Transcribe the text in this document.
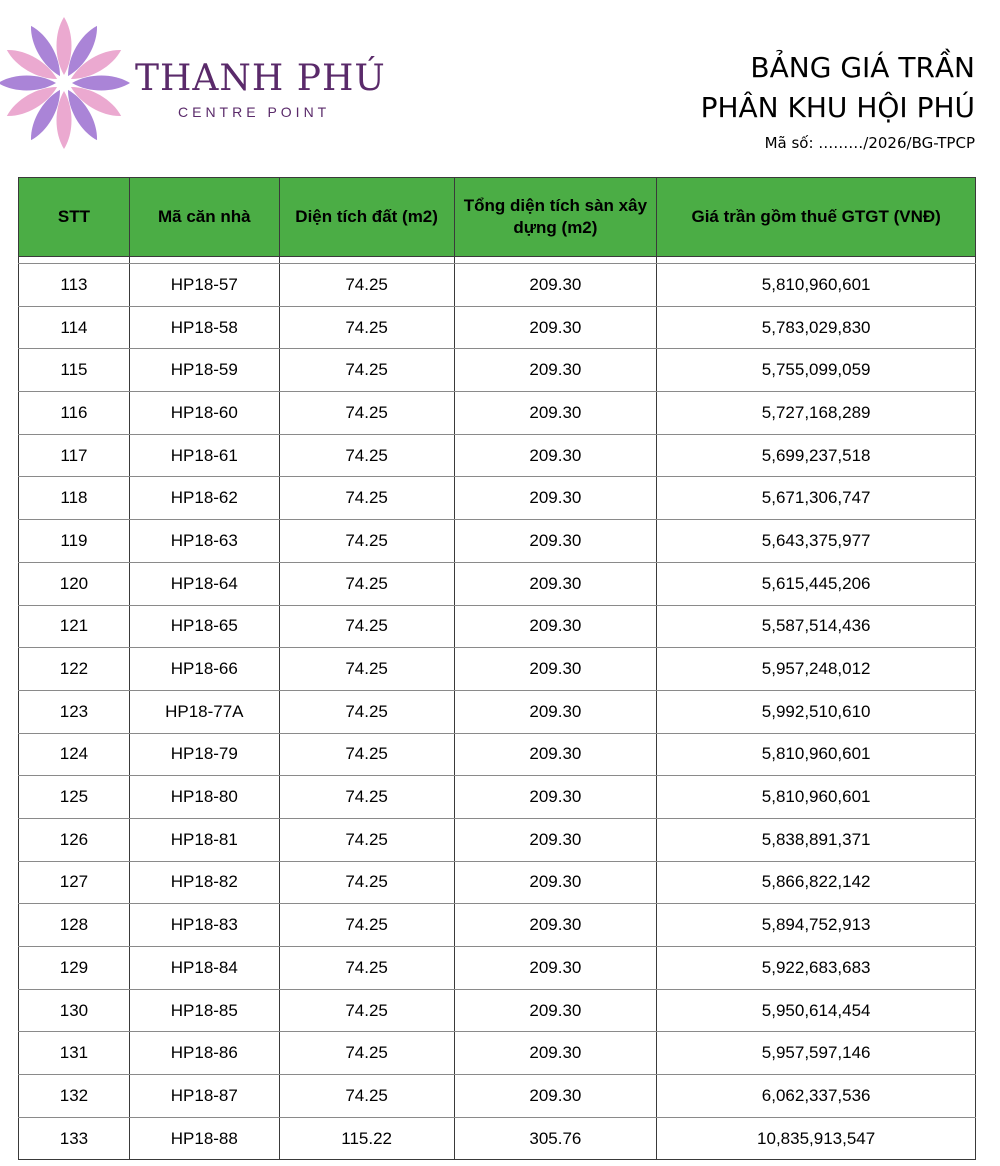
THANH PHÚ
CENTRE POINT
BẢNG GIÁ TRẦN
PHÂN KHU HỘI PHÚ
Mã số: ………/2026/BG-TPCP
STT	Mã căn nhà	Diện tích đất (m2)	Tổng diện tích sàn xây dựng (m2)	Giá trần gồm thuế GTGT (VNĐ)

113	HP18-57	74.25	209.30	5,810,960,601
114	HP18-58	74.25	209.30	5,783,029,830
115	HP18-59	74.25	209.30	5,755,099,059
116	HP18-60	74.25	209.30	5,727,168,289
117	HP18-61	74.25	209.30	5,699,237,518
118	HP18-62	74.25	209.30	5,671,306,747
119	HP18-63	74.25	209.30	5,643,375,977
120	HP18-64	74.25	209.30	5,615,445,206
121	HP18-65	74.25	209.30	5,587,514,436
122	HP18-66	74.25	209.30	5,957,248,012
123	HP18-77A	74.25	209.30	5,992,510,610
124	HP18-79	74.25	209.30	5,810,960,601
125	HP18-80	74.25	209.30	5,810,960,601
126	HP18-81	74.25	209.30	5,838,891,371
127	HP18-82	74.25	209.30	5,866,822,142
128	HP18-83	74.25	209.30	5,894,752,913
129	HP18-84	74.25	209.30	5,922,683,683
130	HP18-85	74.25	209.30	5,950,614,454
131	HP18-86	74.25	209.30	5,957,597,146
132	HP18-87	74.25	209.30	6,062,337,536
133	HP18-88	115.22	305.76	10,835,913,547
